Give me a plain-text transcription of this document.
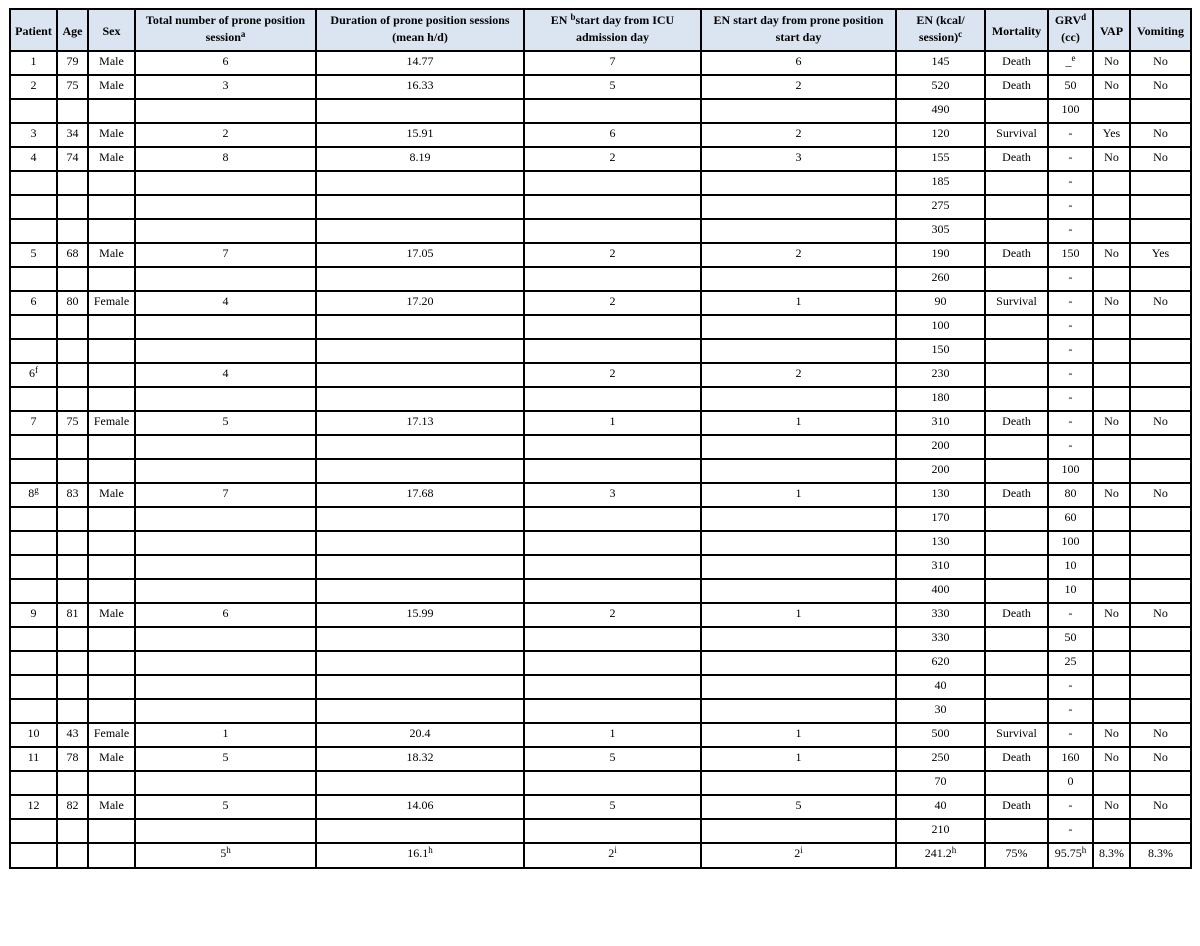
Patient	Age	Sex	Total number of prone position session$^a$	Duration of prone position sessions (mean h/d)	EN $^b$start day from ICU admission day	EN start day from prone position start day	EN (kcal/ session)$^c$	Mortality	GRV$^d$ (cc)	VAP	Vomiting
1	79	Male	6	14.77	7	6	145	Death	_$^e$	No	No
2	75	Male	3	16.33	5	2	520	Death	50	No	No
							490		100		
3	34	Male	2	15.91	6	2	120	Survival	-	Yes	No
4	74	Male	8	8.19	2	3	155	Death	-	No	No
							185		-		
							275		-		
							305		-		
5	68	Male	7	17.05	2	2	190	Death	150	No	Yes
							260		-		
6	80	Female	4	17.20	2	1	90	Survival	-	No	No
							100		-		
							150		-		
6$^f$			4		2	2	230		-		
							180		-		
7	75	Female	5	17.13	1	1	310	Death	-	No	No
							200		-		
							200		100		
8$^g$	83	Male	7	17.68	3	1	130	Death	80	No	No
							170		60		
							130		100		
							310		10		
							400		10		
9	81	Male	6	15.99	2	1	330	Death	-	No	No
							330		50		
							620		25		
							40		-		
							30		-		
10	43	Female	1	20.4	1	1	500	Survival	-	No	No
11	78	Male	5	18.32	5	1	250	Death	160	No	No
							70		0		
12	82	Male	5	14.06	5	5	40	Death	-	No	No
							210		-		
			5$^h$	16.1$^h$	2$^i$	2$^i$	241.2$^h$	75%	95.75$^h$	8.3%	8.3%
